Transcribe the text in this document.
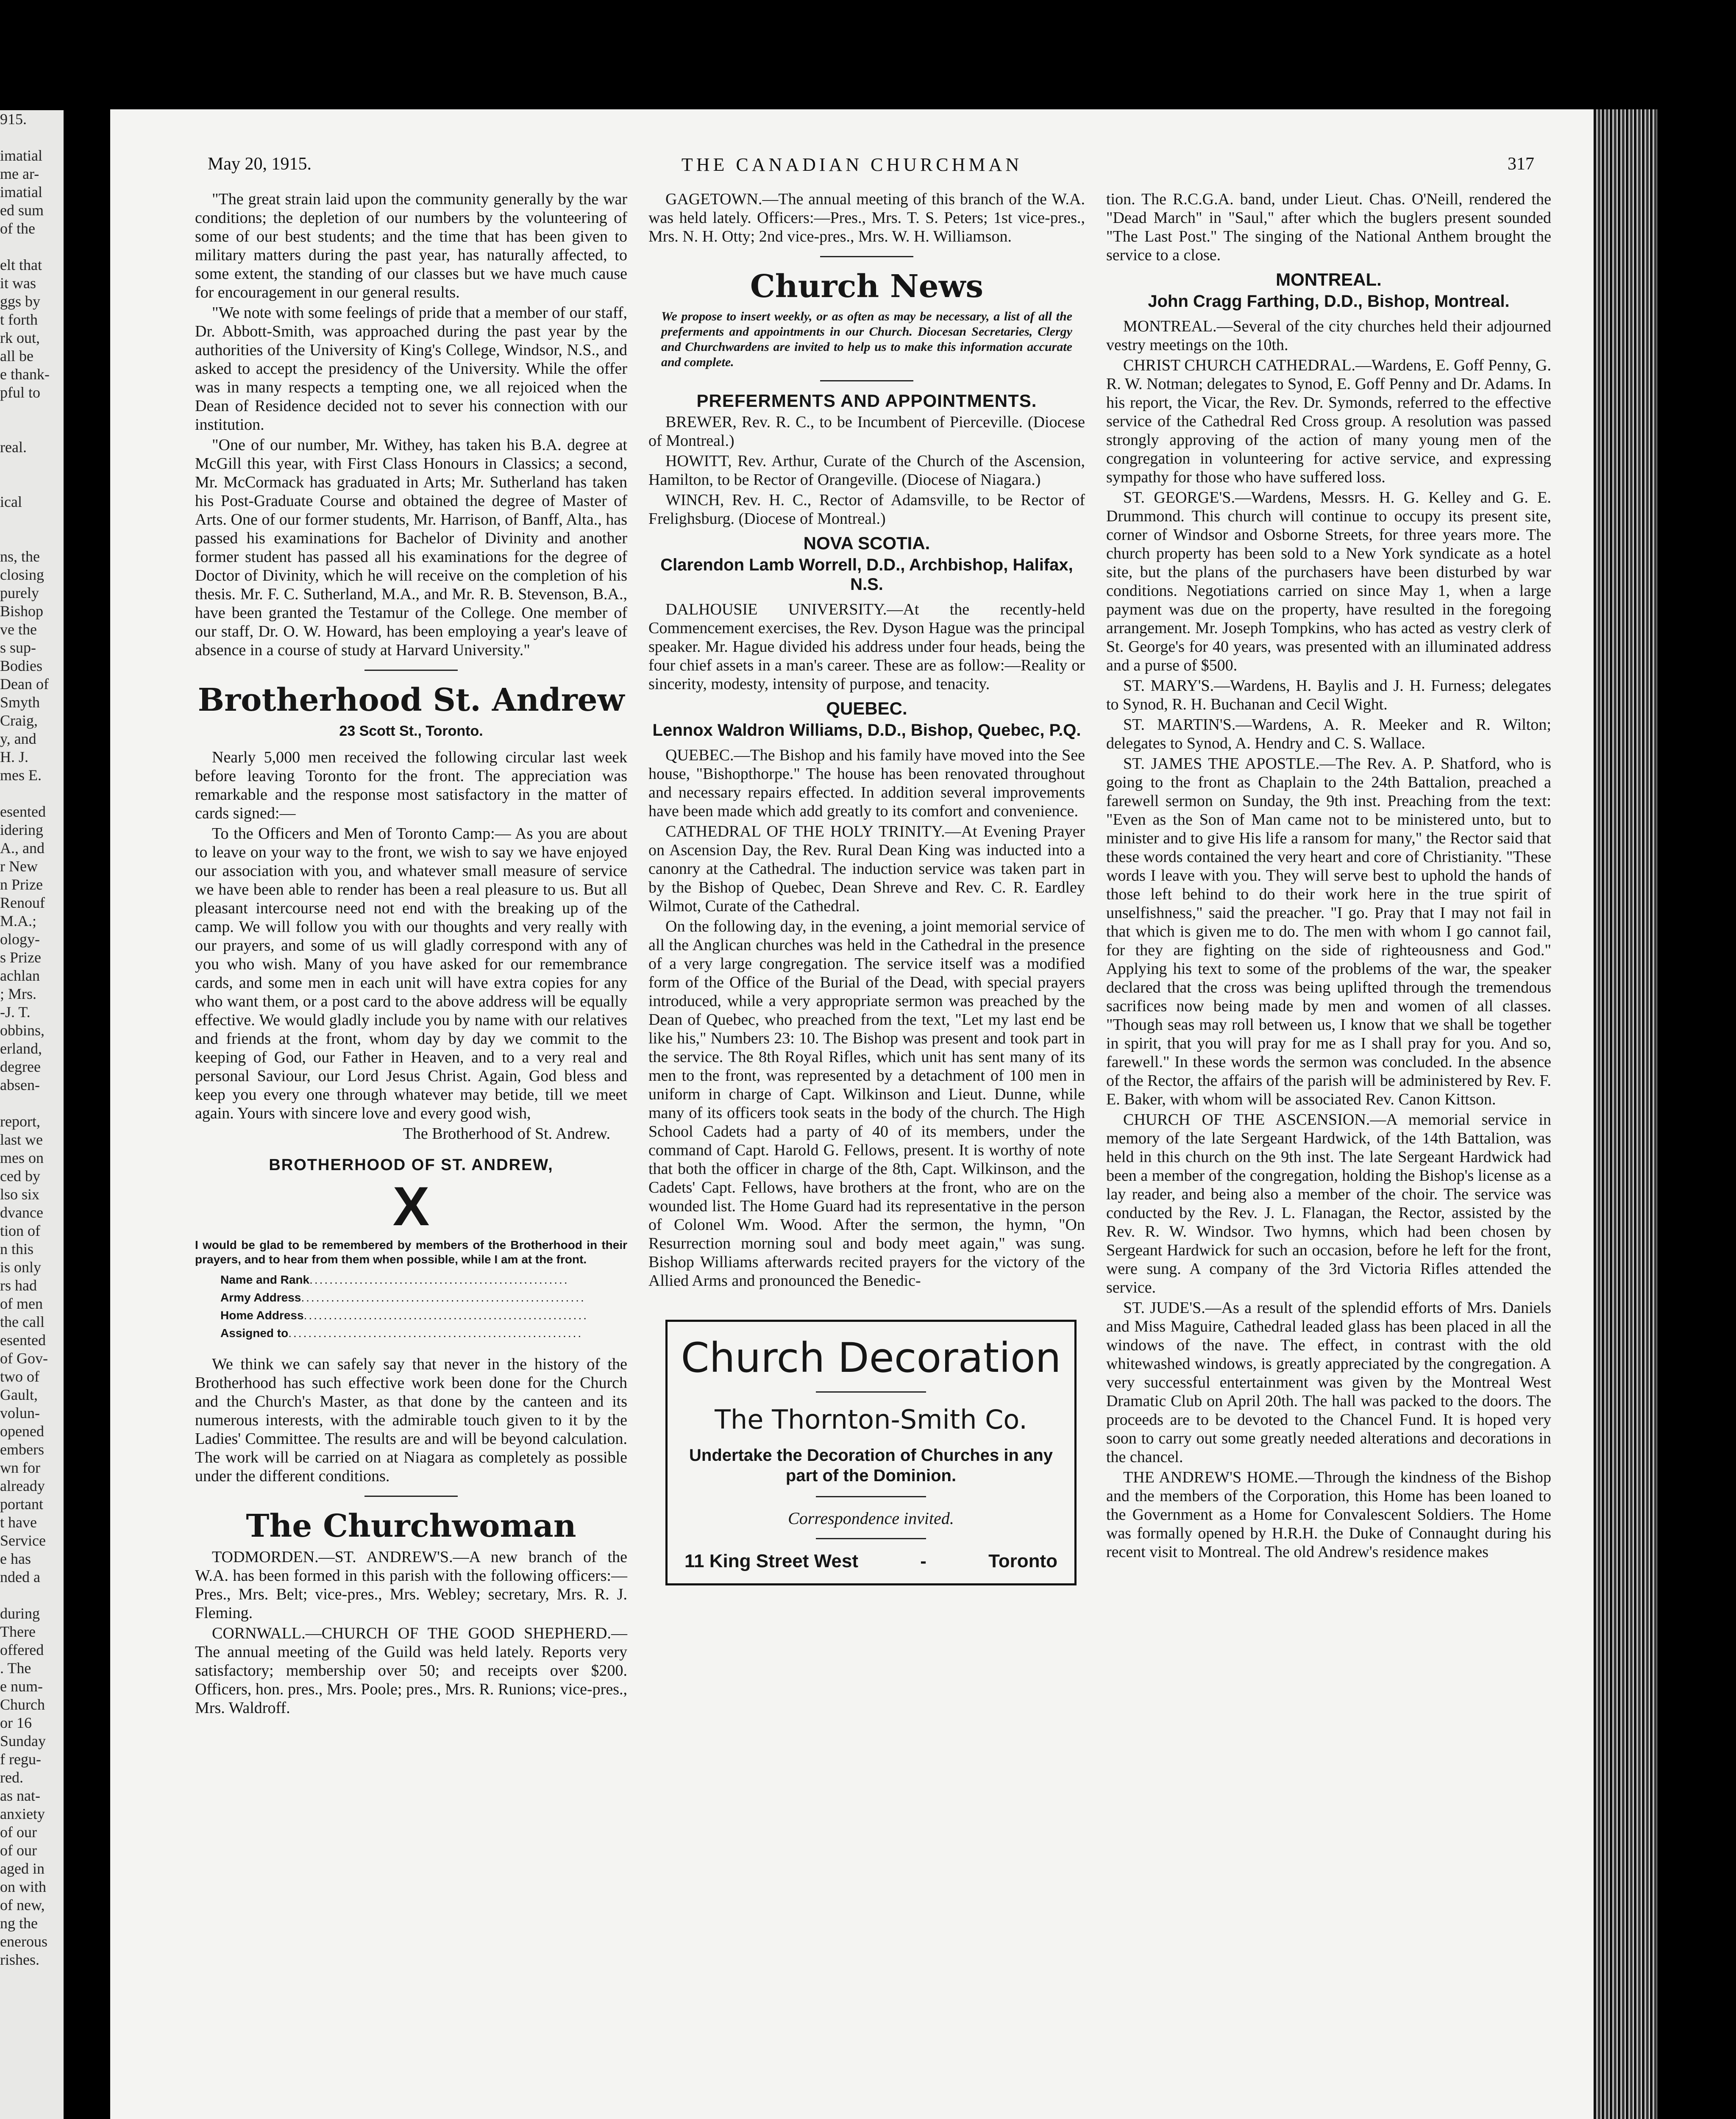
915.

imatial
me ar-
imatial
ed sum
of the

elt that
it was
ggs by
t forth
rk out,
all be
e thank-
pful to

real.

ical

ns, the
closing
purely
Bishop
ve the
s sup-
Bodies
Dean of
Smyth
Craig,
y, and
H. J.
mes E.

esented
idering
A., and
r New
n Prize
Renouf
M.A.;
ology-
s Prize
achlan
; Mrs.
-J. T.
obbins,
erland,
degree
absen-

report,
last we
mes on
ced by
lso six
dvance
tion of
n this
is only
rs had
of men
the call
esented
of Gov-
two of
Gault,
volun-
opened
embers
wn for
already
portant
t have
Service
e has
nded a

during
There
offered
. The
e num-
Church
or 16
Sunday
f regu-
red.
as nat-
anxiety
of our
of our
aged in
on with
of new,
ng the
enerous
rishes.
May 20, 1915.	THE CANADIAN CHURCHMAN	317

"The great strain laid upon the community generally by the war conditions; the depletion of our numbers by the volunteering of some of our best students; and the time that has been given to military matters during the past year, has naturally affected, to some extent, the standing of our classes but we have much cause for encouragement in our general results.

"We note with some feelings of pride that a member of our staff, Dr. Abbott-Smith, was approached during the past year by the authorities of the University of King's College, Windsor, N.S., and asked to accept the presidency of the University. While the offer was in many respects a tempting one, we all rejoiced when the Dean of Residence decided not to sever his connection with our institution.

"One of our number, Mr. Withey, has taken his B.A. degree at McGill this year, with First Class Honours in Classics; a second, Mr. McCormack has graduated in Arts; Mr. Sutherland has taken his Post-Graduate Course and obtained the degree of Master of Arts. One of our former students, Mr. Harrison, of Banff, Alta., has passed his examinations for Bachelor of Divinity and another former student has passed all his examinations for the degree of Doctor of Divinity, which he will receive on the completion of his thesis. Mr. F. C. Sutherland, M.A., and Mr. R. B. Stevenson, B.A., have been granted the Testamur of the College. One member of our staff, Dr. O. W. Howard, has been employing a year's leave of absence in a course of study at Harvard University."

Brotherhood St. Andrew
23 Scott St., Toronto.

Nearly 5,000 men received the following circular last week before leaving Toronto for the front. The appreciation was remarkable and the response most satisfactory in the matter of cards signed:—

To the Officers and Men of Toronto Camp:— As you are about to leave on your way to the front, we wish to say we have enjoyed our association with you, and whatever small measure of service we have been able to render has been a real pleasure to us. But all pleasant intercourse need not end with the breaking up of the camp. We will follow you with our thoughts and very really with our prayers, and some of us will gladly correspond with any of you who wish. Many of you have asked for our remembrance cards, and some men in each unit will have extra copies for any who want them, or a post card to the above address will be equally effective. We would gladly include you by name with our relatives and friends at the front, whom day by day we commit to the keeping of God, our Father in Heaven, and to a very real and personal Saviour, our Lord Jesus Christ. Again, God bless and keep you every one through whatever may betide, till we meet again. Yours with sincere love and every good wish,

The Brotherhood of St. Andrew.

BROTHERHOOD OF ST. ANDREW,
X
I would be glad to be remembered by members of the Brotherhood in their prayers, and to hear from them when possible, while I am at the front.
Name and Rank....................................................
Army Address.........................................................
Home Address.........................................................
Assigned to...........................................................

We think we can safely say that never in the history of the Brotherhood has such effective work been done for the Church and the Church's Master, as that done by the canteen and its numerous interests, with the admirable touch given to it by the Ladies' Committee. The results are and will be beyond calculation. The work will be carried on at Niagara as completely as possible under the different conditions.

The Churchwoman

TODMORDEN.—ST. ANDREW'S.—A new branch of the W.A. has been formed in this parish with the following officers:—Pres., Mrs. Belt; vice-pres., Mrs. Webley; secretary, Mrs. R. J. Fleming.

CORNWALL.—CHURCH OF THE GOOD SHEPHERD.—The annual meeting of the Guild was held lately. Reports very satisfactory; membership over 50; and receipts over $200. Officers, hon. pres., Mrs. Poole; pres., Mrs. R. Runions; vice-pres., Mrs. Waldroff.

GAGETOWN.—The annual meeting of this branch of the W.A. was held lately. Officers:—Pres., Mrs. T. S. Peters; 1st vice-pres., Mrs. N. H. Otty; 2nd vice-pres., Mrs. W. H. Williamson.

Church News
We propose to insert weekly, or as often as may be necessary, a list of all the preferments and appointments in our Church. Diocesan Secretaries, Clergy and Churchwardens are invited to help us to make this information accurate and complete.
PREFERMENTS AND APPOINTMENTS.

BREWER, Rev. R. C., to be Incumbent of Pierceville. (Diocese of Montreal.)

HOWITT, Rev. Arthur, Curate of the Church of the Ascension, Hamilton, to be Rector of Orangeville. (Diocese of Niagara.)

WINCH, Rev. H. C., Rector of Adamsville, to be Rector of Frelighsburg. (Diocese of Montreal.)

NOVA SCOTIA.
Clarendon Lamb Worrell, D.D., Archbishop, Halifax, N.S.

DALHOUSIE UNIVERSITY.—At the recently-held Commencement exercises, the Rev. Dyson Hague was the principal speaker. Mr. Hague divided his address under four heads, being the four chief assets in a man's career. These are as follow:—Reality or sincerity, modesty, intensity of purpose, and tenacity.

QUEBEC.
Lennox Waldron Williams, D.D., Bishop, Quebec, P.Q.

QUEBEC.—The Bishop and his family have moved into the See house, "Bishopthorpe." The house has been renovated throughout and necessary repairs effected. In addition several improvements have been made which add greatly to its comfort and convenience.

CATHEDRAL OF THE HOLY TRINITY.—At Evening Prayer on Ascension Day, the Rev. Rural Dean King was inducted into a canonry at the Cathedral. The induction service was taken part in by the Bishop of Quebec, Dean Shreve and Rev. C. R. Eardley Wilmot, Curate of the Cathedral.

On the following day, in the evening, a joint memorial service of all the Anglican churches was held in the Cathedral in the presence of a very large congregation. The service itself was a modified form of the Office of the Burial of the Dead, with special prayers introduced, while a very appropriate sermon was preached by the Dean of Quebec, who preached from the text, "Let my last end be like his," Numbers 23: 10. The Bishop was present and took part in the service. The 8th Royal Rifles, which unit has sent many of its men to the front, was represented by a detachment of 100 men in uniform in charge of Capt. Wilkinson and Lieut. Dunne, while many of its officers took seats in the body of the church. The High School Cadets had a party of 40 of its members, under the command of Capt. Harold G. Fellows, present. It is worthy of note that both the officer in charge of the 8th, Capt. Wilkinson, and the Cadets' Capt. Fellows, have brothers at the front, who are on the wounded list. The Home Guard had its representative in the person of Colonel Wm. Wood. After the sermon, the hymn, "On Resurrection morning soul and body meet again," was sung. Bishop Williams afterwards recited prayers for the victory of the Allied Arms and pronounced the Benedic-

Church Decoration
The Thornton-Smith Co.
Undertake the Decoration of Churches in any part of the Dominion.
Correspondence invited.
11 King Street West	-	Toronto

tion. The R.C.G.A. band, under Lieut. Chas. O'Neill, rendered the "Dead March" in "Saul," after which the buglers present sounded "The Last Post." The singing of the National Anthem brought the service to a close.

MONTREAL.
John Cragg Farthing, D.D., Bishop, Montreal.

MONTREAL.—Several of the city churches held their adjourned vestry meetings on the 10th.

CHRIST CHURCH CATHEDRAL.—Wardens, E. Goff Penny, G. R. W. Notman; delegates to Synod, E. Goff Penny and Dr. Adams. In his report, the Vicar, the Rev. Dr. Symonds, referred to the effective service of the Cathedral Red Cross group. A resolution was passed strongly approving of the action of many young men of the congregation in volunteering for active service, and expressing sympathy for those who have suffered loss.

ST. GEORGE'S.—Wardens, Messrs. H. G. Kelley and G. E. Drummond. This church will continue to occupy its present site, corner of Windsor and Osborne Streets, for three years more. The church property has been sold to a New York syndicate as a hotel site, but the plans of the purchasers have been disturbed by war conditions. Negotiations carried on since May 1, when a large payment was due on the property, have resulted in the foregoing arrangement. Mr. Joseph Tompkins, who has acted as vestry clerk of St. George's for 40 years, was presented with an illuminated address and a purse of $500.

ST. MARY'S.—Wardens, H. Baylis and J. H. Furness; delegates to Synod, R. H. Buchanan and Cecil Wight.

ST. MARTIN'S.—Wardens, A. R. Meeker and R. Wilton; delegates to Synod, A. Hendry and C. S. Wallace.

ST. JAMES THE APOSTLE.—The Rev. A. P. Shatford, who is going to the front as Chaplain to the 24th Battalion, preached a farewell sermon on Sunday, the 9th inst. Preaching from the text: "Even as the Son of Man came not to be ministered unto, but to minister and to give His life a ransom for many," the Rector said that these words contained the very heart and core of Christianity. "These words I leave with you. They will serve best to uphold the hands of those left behind to do their work here in the true spirit of unselfishness," said the preacher. "I go. Pray that I may not fail in that which is given me to do. The men with whom I go cannot fail, for they are fighting on the side of righteousness and God." Applying his text to some of the problems of the war, the speaker declared that the cross was being uplifted through the tremendous sacrifices now being made by men and women of all classes. "Though seas may roll between us, I know that we shall be together in spirit, that you will pray for me as I shall pray for you. And so, farewell." In these words the sermon was concluded. In the absence of the Rector, the affairs of the parish will be administered by Rev. F. E. Baker, with whom will be associated Rev. Canon Kittson.

CHURCH OF THE ASCENSION.—A memorial service in memory of the late Sergeant Hardwick, of the 14th Battalion, was held in this church on the 9th inst. The late Sergeant Hardwick had been a member of the congregation, holding the Bishop's license as a lay reader, and being also a member of the choir. The service was conducted by the Rev. J. L. Flanagan, the Rector, assisted by the Rev. R. W. Windsor. Two hymns, which had been chosen by Sergeant Hardwick for such an occasion, before he left for the front, were sung. A company of the 3rd Victoria Rifles attended the service.

ST. JUDE'S.—As a result of the splendid efforts of Mrs. Daniels and Miss Maguire, Cathedral leaded glass has been placed in all the windows of the nave. The effect, in contrast with the old whitewashed windows, is greatly appreciated by the congregation. A very successful entertainment was given by the Montreal West Dramatic Club on April 20th. The hall was packed to the doors. The proceeds are to be devoted to the Chancel Fund. It is hoped very soon to carry out some greatly needed alterations and decorations in the chancel.

THE ANDREW'S HOME.—Through the kindness of the Bishop and the members of the Corporation, this Home has been loaned to the Government as a Home for Convalescent Soldiers. The Home was formally opened by H.R.H. the Duke of Connaught during his recent visit to Montreal. The old Andrew's residence makes
